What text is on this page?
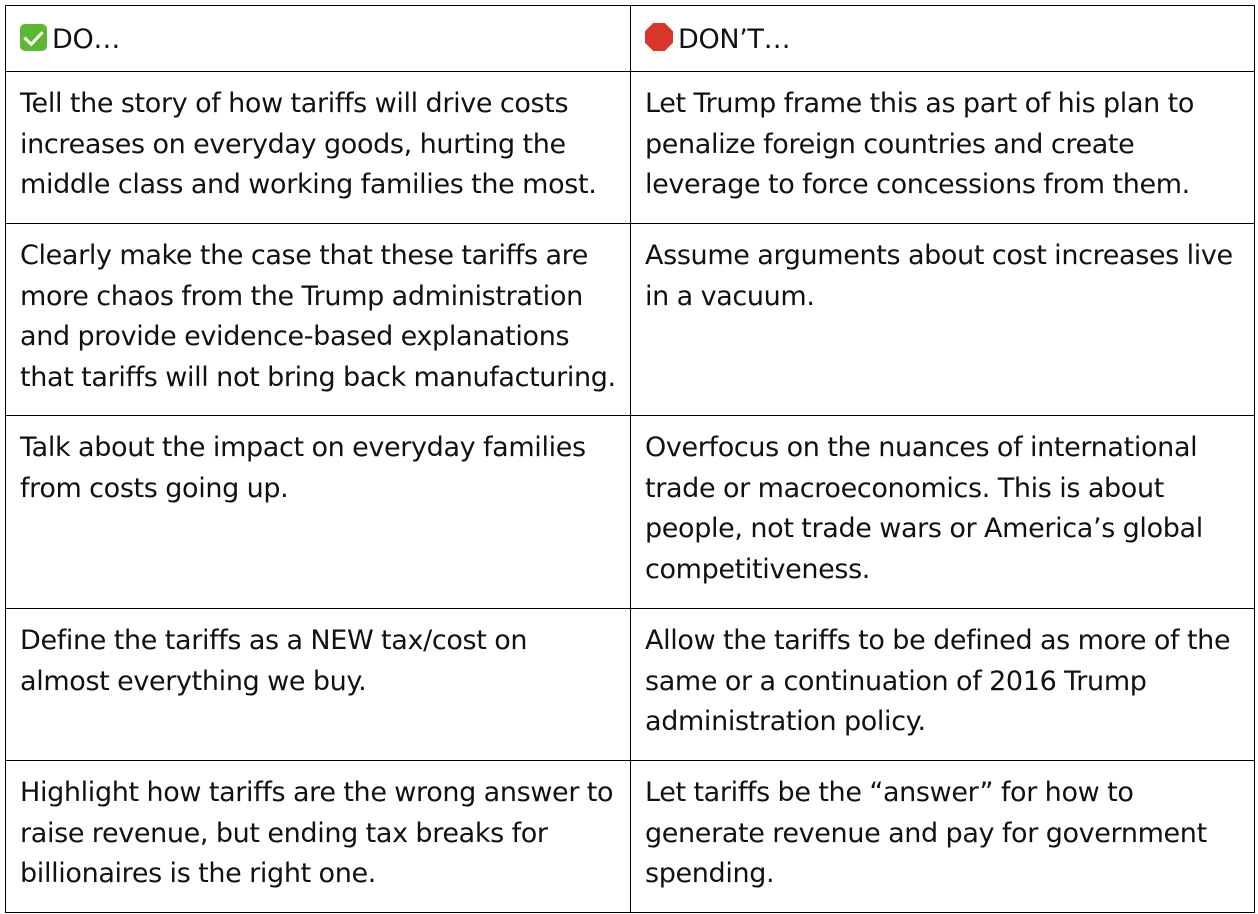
DO…	DON’T…
Tell the story of how tariffs will drive costs increases on everyday goods, hurting the middle class and working families the most.	Let Trump frame this as part of his plan to penalize foreign countries and create leverage to force concessions from them.
Clearly make the case that these tariffs are more chaos from the Trump administration and provide evidence-based explanations that tariffs will not bring back manufacturing.	Assume arguments about cost increases live in a vacuum.
Talk about the impact on everyday families from costs going up.	Overfocus on the nuances of international trade or macroeconomics. This is about people, not trade wars or America’s global competitiveness.
Define the tariffs as a NEW tax/cost on almost everything we buy.	Allow the tariffs to be defined as more of the same or a continuation of 2016 Trump administration policy.
Highlight how tariffs are the wrong answer to raise revenue, but ending tax breaks for billionaires is the right one.	Let tariffs be the “answer” for how to generate revenue and pay for government spending.
